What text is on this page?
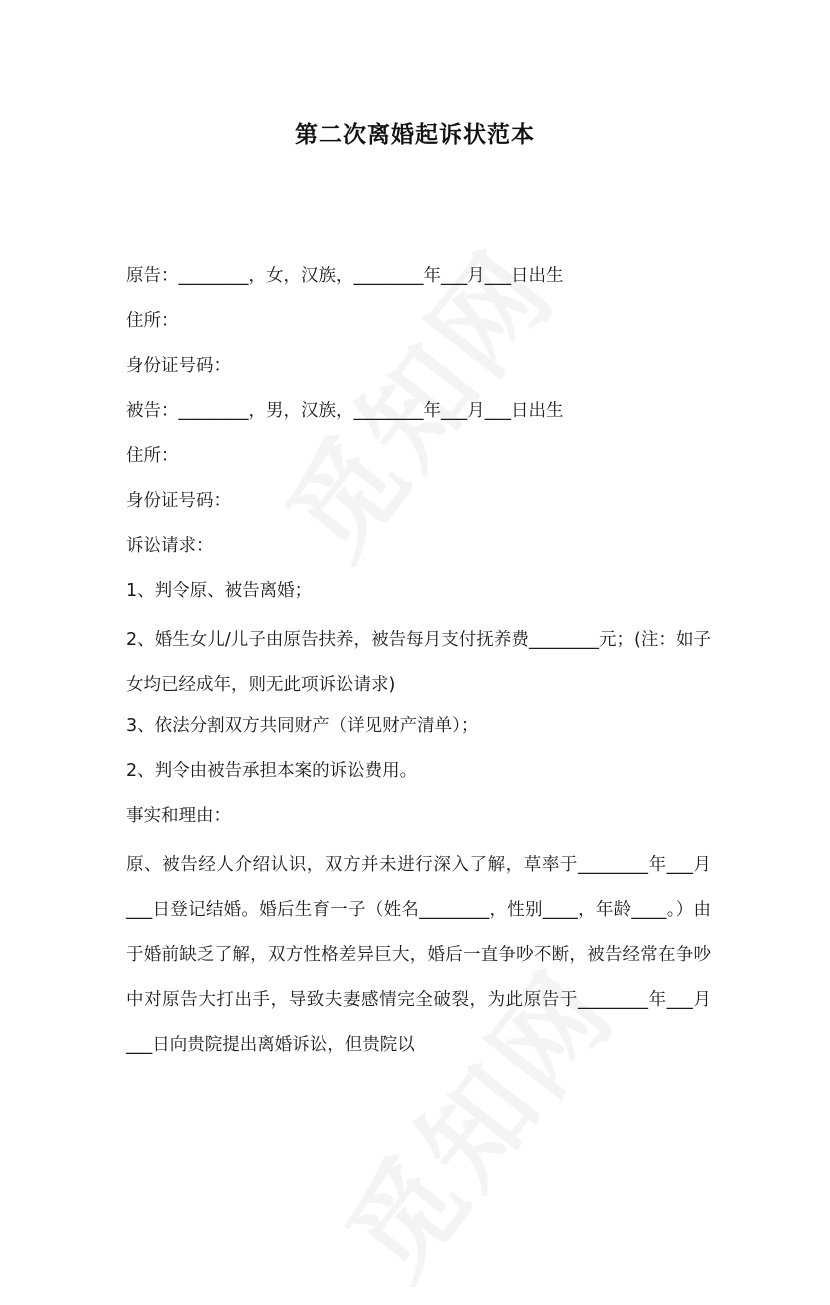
第二次离婚起诉状范本
原告：________，女，汉族，________年___月___日出生
住所：
身份证号码：
被告：________，男，汉族，________年___月___日出生
住所：
身份证号码：
诉讼请求：
1、判令原、被告离婚；
2、婚生女儿/儿子由原告扶养，被告每月支付抚养费________元；(注：如子女均已经成年，则无此项诉讼请求)
3、依法分割双方共同财产（详见财产清单）；
2、判令由被告承担本案的诉讼费用。
事实和理由：
原、被告经人介绍认识，双方并未进行深入了解，草率于________年___月___日登记结婚。婚后生育一子（姓名________，性别____，年龄____。）由于婚前缺乏了解，双方性格差异巨大，婚后一直争吵不断，被告经常在争吵中对原告大打出手，导致夫妻感情完全破裂，为此原告于________年___月___日向贵院提出离婚诉讼，但贵院以
